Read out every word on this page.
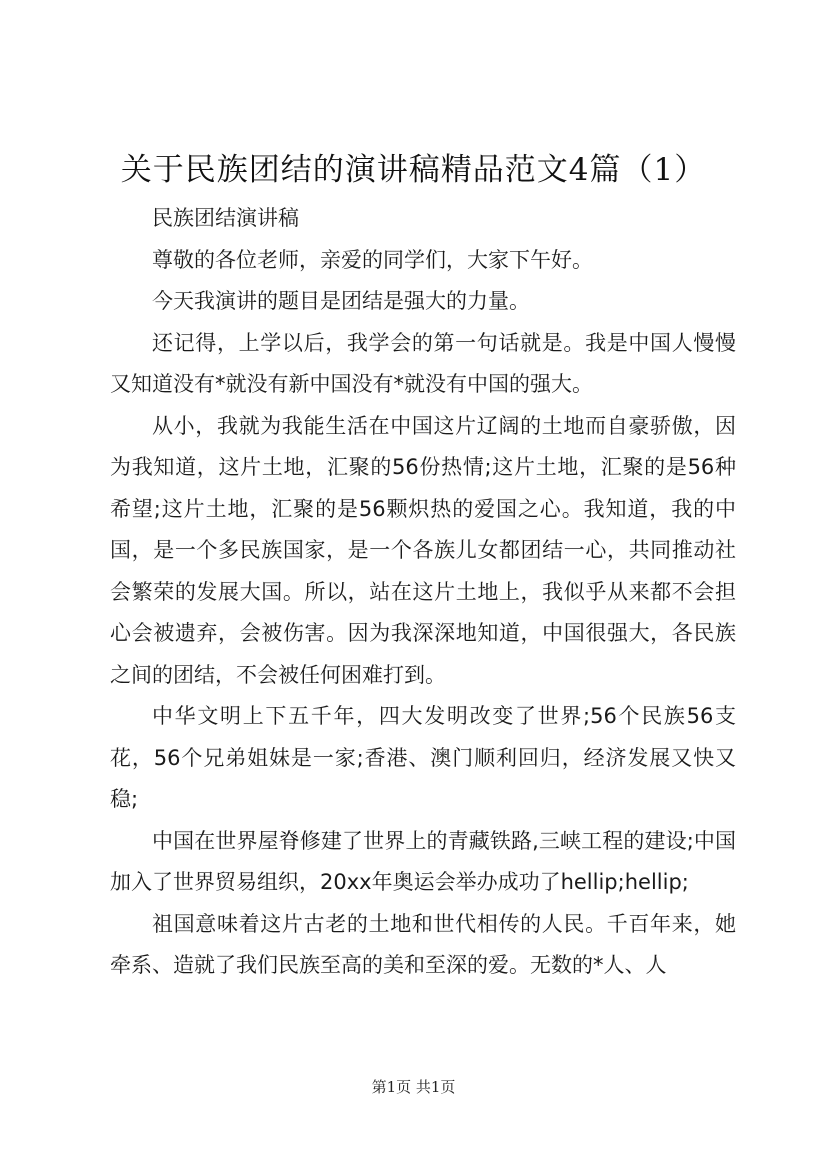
关于民族团结的演讲稿精品范文4篇（1）

民族团结演讲稿

尊敬的各位老师，亲爱的同学们，大家下午好。

今天我演讲的题目是团结是强大的力量。

还记得，上学以后，我学会的第一句话就是。我是中国人慢慢又知道没有*就没有新中国没有*就没有中国的强大。

从小，我就为我能生活在中国这片辽阔的土地而自豪骄傲，因为我知道，这片土地，汇聚的56份热情;这片土地，汇聚的是56种希望;这片土地，汇聚的是56颗炽热的爱国之心。我知道，我的中国，是一个多民族国家，是一个各族儿女都团结一心，共同推动社会繁荣的发展大国。所以，站在这片土地上，我似乎从来都不会担心会被遗弃，会被伤害。因为我深深地知道，中国很强大，各民族之间的团结，不会被任何困难打到。

中华文明上下五千年，四大发明改变了世界;56个民族56支花，56个兄弟姐妹是一家;香港、澳门顺利回归，经济发展又快又稳;

中国在世界屋脊修建了世界上的青藏铁路,三峡工程的建设;中国加入了世界贸易组织，20xx年奥运会举办成功了hellip;hellip;

祖国意味着这片古老的土地和世代相传的人民。千百年来，她牵系、造就了我们民族至高的美和至深的爱。无数的*人、人

第1页 共1页
